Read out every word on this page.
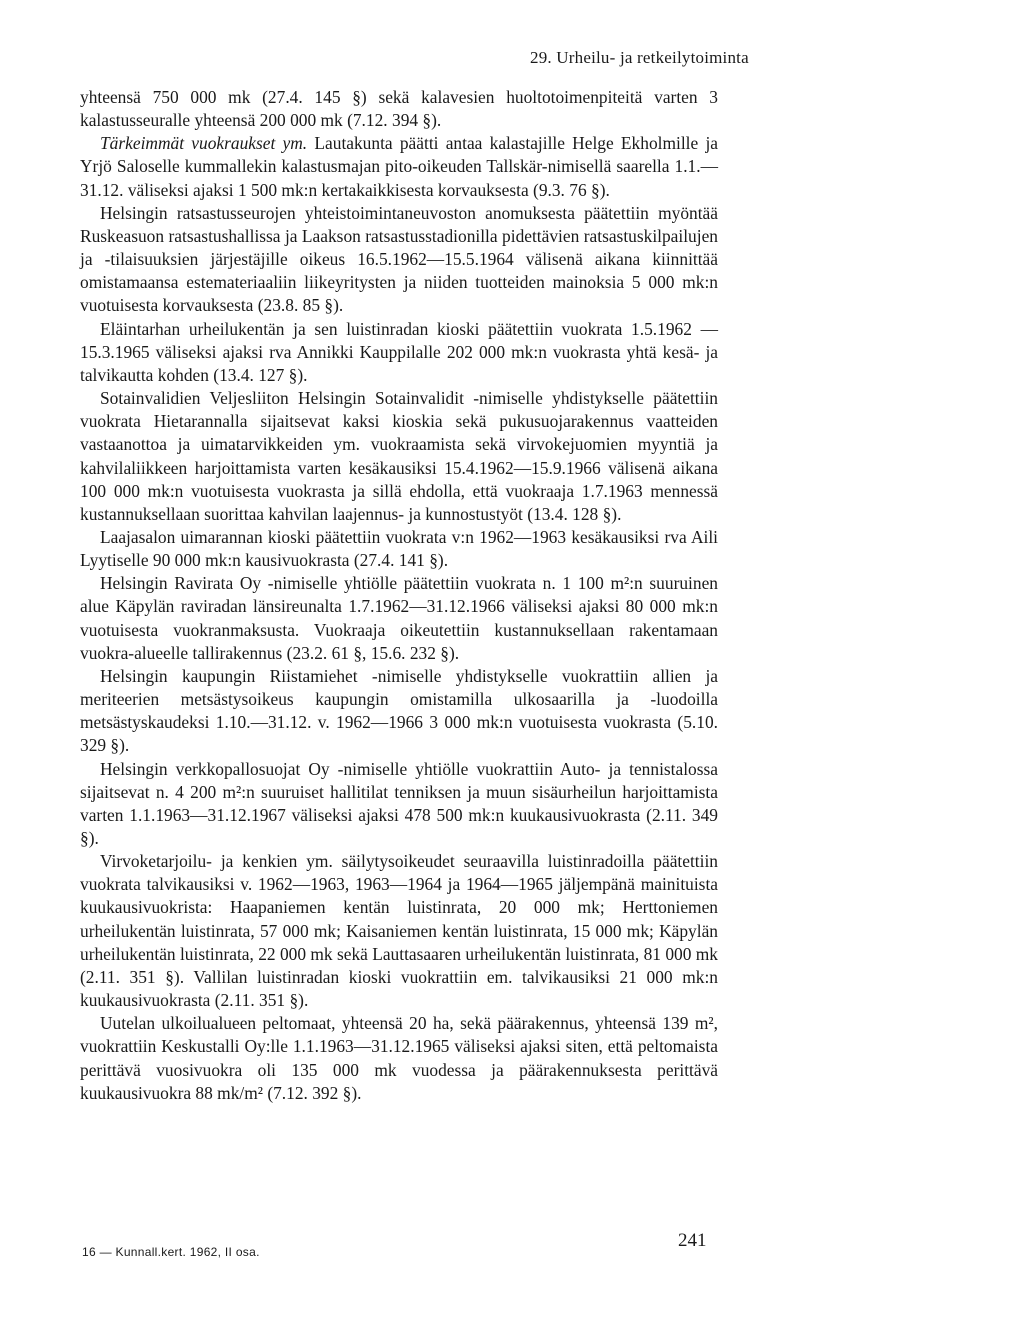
29. Urheilu- ja retkeilytoiminta

yhteensä 750 000 mk (27.4. 145 §) sekä kalavesien huoltotoimenpiteitä varten 3 kalastusseuralle yhteensä 200 000 mk (7.12. 394 §).

Tärkeimmät vuokraukset ym. Lautakunta päätti antaa kalastajille Helge Ekholmille ja Yrjö Saloselle kummallekin kalastusmajan pito-oikeuden Tallskär-nimisellä saarella 1.1.—31.12. väliseksi ajaksi 1 500 mk:n kertakaikkisesta korvauksesta (9.3. 76 §).

Helsingin ratsastusseurojen yhteistoimintaneuvoston anomuksesta päätettiin myöntää Ruskeasuon ratsastushallissa ja Laakson ratsastusstadionilla pidettävien ratsastuskilpailujen ja -tilaisuuksien järjestäjille oikeus 16.5.1962—15.5.1964 välisenä aikana kiinnittää omistamaansa estemateriaaliin liikeyritysten ja niiden tuotteiden mainoksia 5 000 mk:n vuotuisesta korvauksesta (23.8. 85 §).

Eläintarhan urheilukentän ja sen luistinradan kioski päätettiin vuokrata 1.5.1962 —15.3.1965 väliseksi ajaksi rva Annikki Kauppilalle 202 000 mk:n vuokrasta yhtä kesä- ja talvikautta kohden (13.4. 127 §).

Sotainvalidien Veljesliiton Helsingin Sotainvalidit -nimiselle yhdistykselle päätettiin vuokrata Hietarannalla sijaitsevat kaksi kioskia sekä pukusuojarakennus vaatteiden vastaanottoa ja uimatarvikkeiden ym. vuokraamista sekä virvokejuomien myyntiä ja kahvilaliikkeen harjoittamista varten kesäkausiksi 15.4.1962—15.9.1966 välisenä aikana 100 000 mk:n vuotuisesta vuokrasta ja sillä ehdolla, että vuokraaja 1.7.1963 mennessä kustannuksellaan suorittaa kahvilan laajennus- ja kunnostustyöt (13.4. 128 §).

Laajasalon uimarannan kioski päätettiin vuokrata v:n 1962—1963 kesäkausiksi rva Aili Lyytiselle 90 000 mk:n kausivuokrasta (27.4. 141 §).

Helsingin Ravirata Oy -nimiselle yhtiölle päätettiin vuokrata n. 1 100 m²:n suuruinen alue Käpylän raviradan länsireunalta 1.7.1962—31.12.1966 väliseksi ajaksi 80 000 mk:n vuotuisesta vuokranmaksusta. Vuokraaja oikeutettiin kustannuksellaan rakentamaan vuokra-alueelle tallirakennus (23.2. 61 §, 15.6. 232 §).

Helsingin kaupungin Riistamiehet -nimiselle yhdistykselle vuokrattiin allien ja meriteerien metsästysoikeus kaupungin omistamilla ulkosaarilla ja -luodoilla metsästyskaudeksi 1.10.—31.12. v. 1962—1966 3 000 mk:n vuotuisesta vuokrasta (5.10. 329 §).

Helsingin verkkopallosuojat Oy -nimiselle yhtiölle vuokrattiin Auto- ja tennistalossa sijaitsevat n. 4 200 m²:n suuruiset hallitilat tenniksen ja muun sisäurheilun harjoittamista varten 1.1.1963—31.12.1967 väliseksi ajaksi 478 500 mk:n kuukausivuokrasta (2.11. 349 §).

Virvoketarjoilu- ja kenkien ym. säilytysoikeudet seuraavilla luistinradoilla päätettiin vuokrata talvikausiksi v. 1962—1963, 1963—1964 ja 1964—1965 jäljempänä mainituista kuukausivuokrista: Haapaniemen kentän luistinrata, 20 000 mk; Herttoniemen urheilukentän luistinrata, 57 000 mk; Kaisaniemen kentän luistinrata, 15 000 mk; Käpylän urheilukentän luistinrata, 22 000 mk sekä Lauttasaaren urheilukentän luistinrata, 81 000 mk (2.11. 351 §). Vallilan luistinradan kioski vuokrattiin em. talvikausiksi 21 000 mk:n kuukausivuokrasta (2.11. 351 §).

Uutelan ulkoilualueen peltomaat, yhteensä 20 ha, sekä päärakennus, yhteensä 139 m², vuokrattiin Keskustalli Oy:lle 1.1.1963—31.12.1965 väliseksi ajaksi siten, että peltomaista perittävä vuosivuokra oli 135 000 mk vuodessa ja päärakennuksesta perittävä kuukausivuokra 88 mk/m² (7.12. 392 §).

16 — Kunnall.kert. 1962, II osa.
241
